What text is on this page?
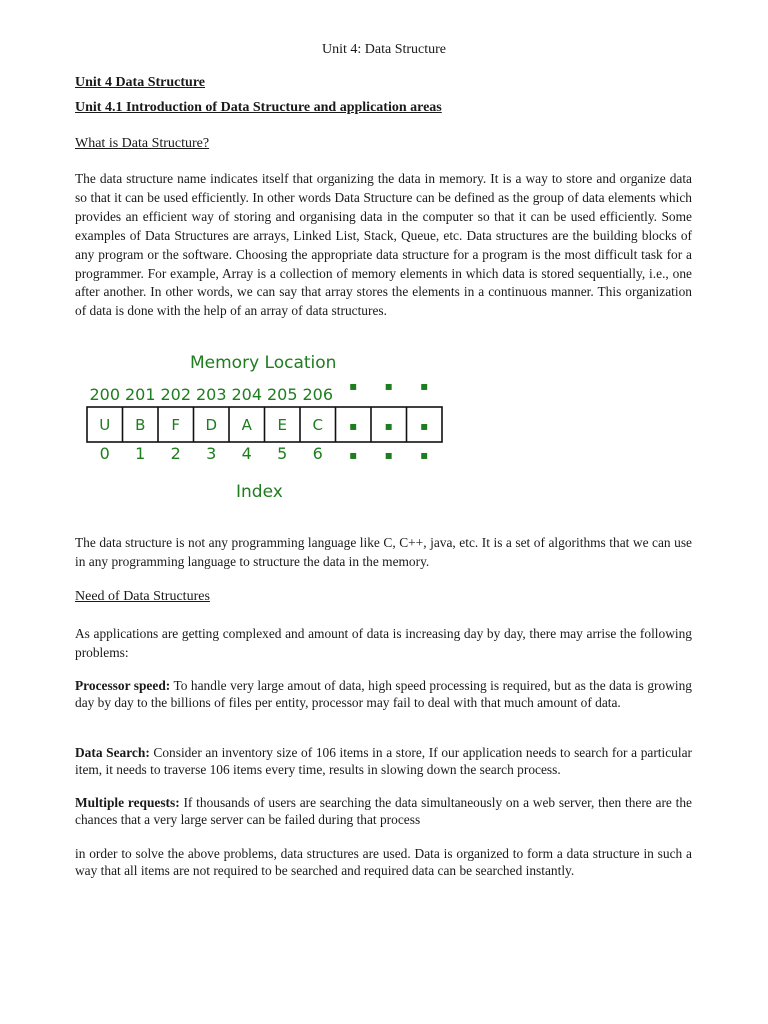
Unit 4: Data Structure
Unit 4 Data Structure
Unit 4.1 Introduction of Data Structure and application areas
What is Data Structure?
The data structure name indicates itself that organizing the data in memory. It is a way to store and organize data so that it can be used efficiently. In other words Data Structure can be defined as the group of data elements which provides an efficient way of storing and organising data in the computer so that it can be used efficiently. Some examples of Data Structures are arrays, Linked List, Stack, Queue, etc. Data structures are the building blocks of any program or the software. Choosing the appropriate data structure for a program is the most difficult task for a programmer. For example, Array is a collection of memory elements in which data is stored sequentially, i.e., one after another. In other words, we can say that array stores the elements in a continuous manner. This organization of data is done with the help of an array of data structures.
Memory Location
200 201 202 203 204 205 206 ▪ ▪ ▪
U B F D A E C ▪ ▪ ▪
0 1 2 3 4 5 6 ▪ ▪ ▪
Index
The data structure is not any programming language like C, C++, java, etc. It is a set of algorithms that we can use in any programming language to structure the data in the memory.
Need of Data Structures
As applications are getting complexed and amount of data is increasing day by day, there may arrise the following problems:
Processor speed: To handle very large amout of data, high speed processing is required, but as the data is growing day by day to the billions of files per entity, processor may fail to deal with that much amount of data.
Data Search: Consider an inventory size of 106 items in a store, If our application needs to search for a particular item, it needs to traverse 106 items every time, results in slowing down the search process.
Multiple requests: If thousands of users are searching the data simultaneously on a web server, then there are the chances that a very large server can be failed during that process
in order to solve the above problems, data structures are used. Data is organized to form a data structure in such a way that all items are not required to be searched and required data can be searched instantly.
